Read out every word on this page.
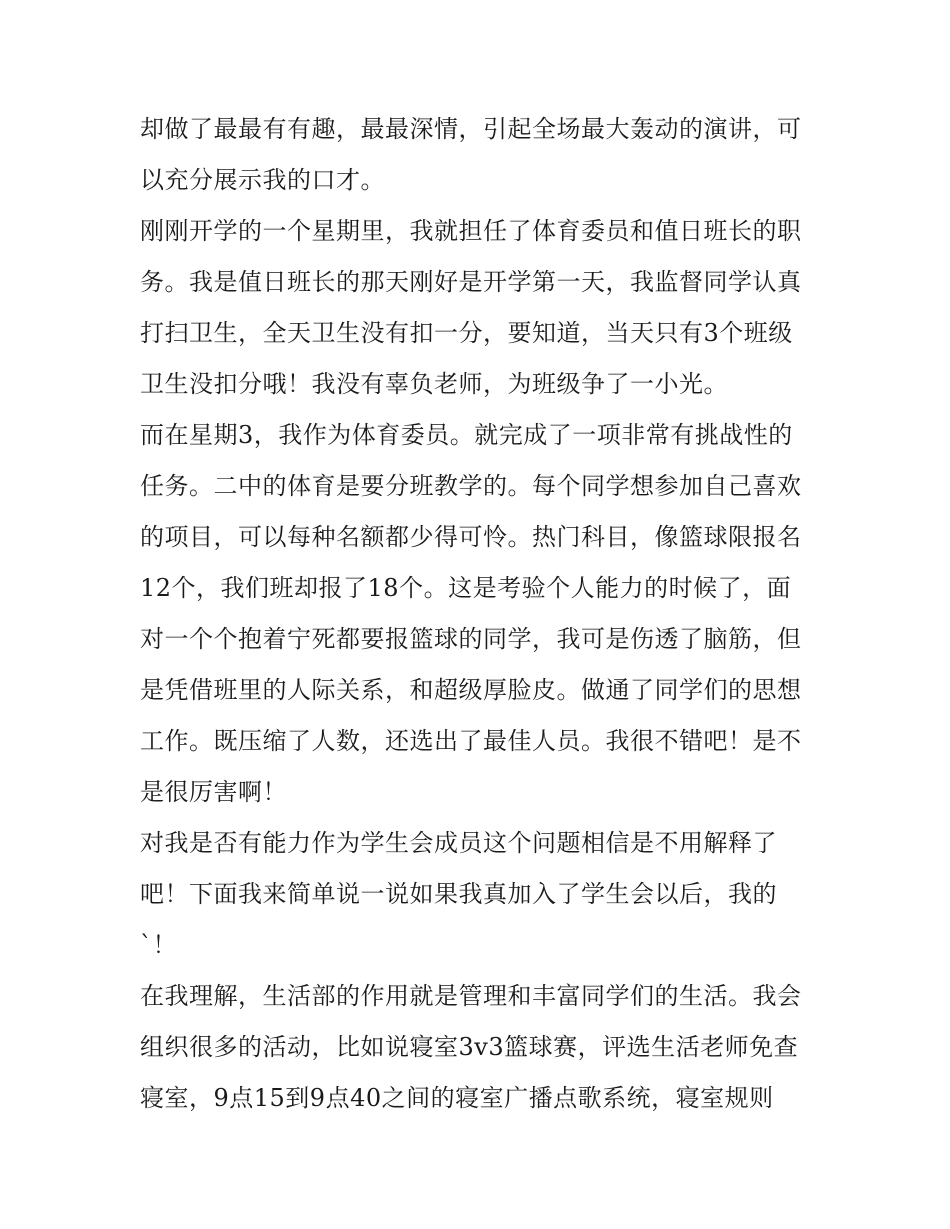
却做了最最有有趣，最最深情，引起全场最大轰动的演讲，可
以充分展示我的口才。
刚刚开学的一个星期里，我就担任了体育委员和值日班长的职
务。我是值日班长的那天刚好是开学第一天，我监督同学认真
打扫卫生，全天卫生没有扣一分，要知道，当天只有3个班级
卫生没扣分哦！我没有辜负老师，为班级争了一小光。
而在星期3，我作为体育委员。就完成了一项非常有挑战性的
任务。二中的体育是要分班教学的。每个同学想参加自己喜欢
的项目，可以每种名额都少得可怜。热门科目，像篮球限报名
12个，我们班却报了18个。这是考验个人能力的时候了，面
对一个个抱着宁死都要报篮球的同学，我可是伤透了脑筋，但
是凭借班里的人际关系，和超级厚脸皮。做通了同学们的思想
工作。既压缩了人数，还选出了最佳人员。我很不错吧！是不
是很厉害啊！
对我是否有能力作为学生会成员这个问题相信是不用解释了
吧！下面我来简单说一说如果我真加入了学生会以后，我的
`！
在我理解，生活部的作用就是管理和丰富同学们的生活。我会
组织很多的活动，比如说寝室3v3篮球赛，评选生活老师免查
寝室，9点15到9点40之间的寝室广播点歌系统，寝室规则
